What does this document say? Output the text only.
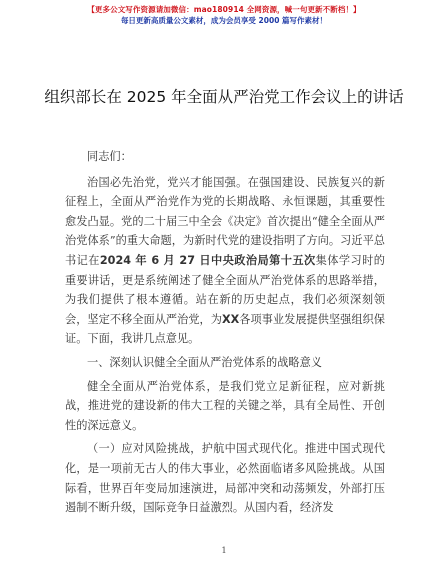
【更多公文写作资源请加微信：mao180914 全网资源，喊一句更新不断档！】
每日更新高质量公文素材，成为会员享受 2000 篇写作素材！
组织部长在 2025 年全面从严治党工作会议上的讲话

同志们：

治国必先治党，党兴才能国强。在强国建设、民族复兴的新征程上，全面从严治党作为党的长期战略、永恒课题，其重要性愈发凸显。党的二十届三中全会《决定》首次提出“健全全面从严治党体系”的重大命题，为新时代党的建设指明了方向。习近平总书记在2024 年 6 月 27 日中央政治局第十五次集体学习时的重要讲话，更是系统阐述了健全全面从严治党体系的思路举措，为我们提供了根本遵循。站在新的历史起点，我们必须深刻领会，坚定不移全面从严治党，为XX各项事业发展提供坚强组织保证。下面，我讲几点意见。

一、深刻认识健全全面从严治党体系的战略意义

健全全面从严治党体系，是我们党立足新征程，应对新挑战，推进党的建设新的伟大工程的关键之举，具有全局性、开创性的深远意义。

（一）应对风险挑战，护航中国式现代化。推进中国式现代化，是一项前无古人的伟大事业，必然面临诸多风险挑战。从国际看，世界百年变局加速演进，局部冲突和动荡频发，外部打压遏制不断升级，国际竞争日益激烈。从国内看，经济发

1
